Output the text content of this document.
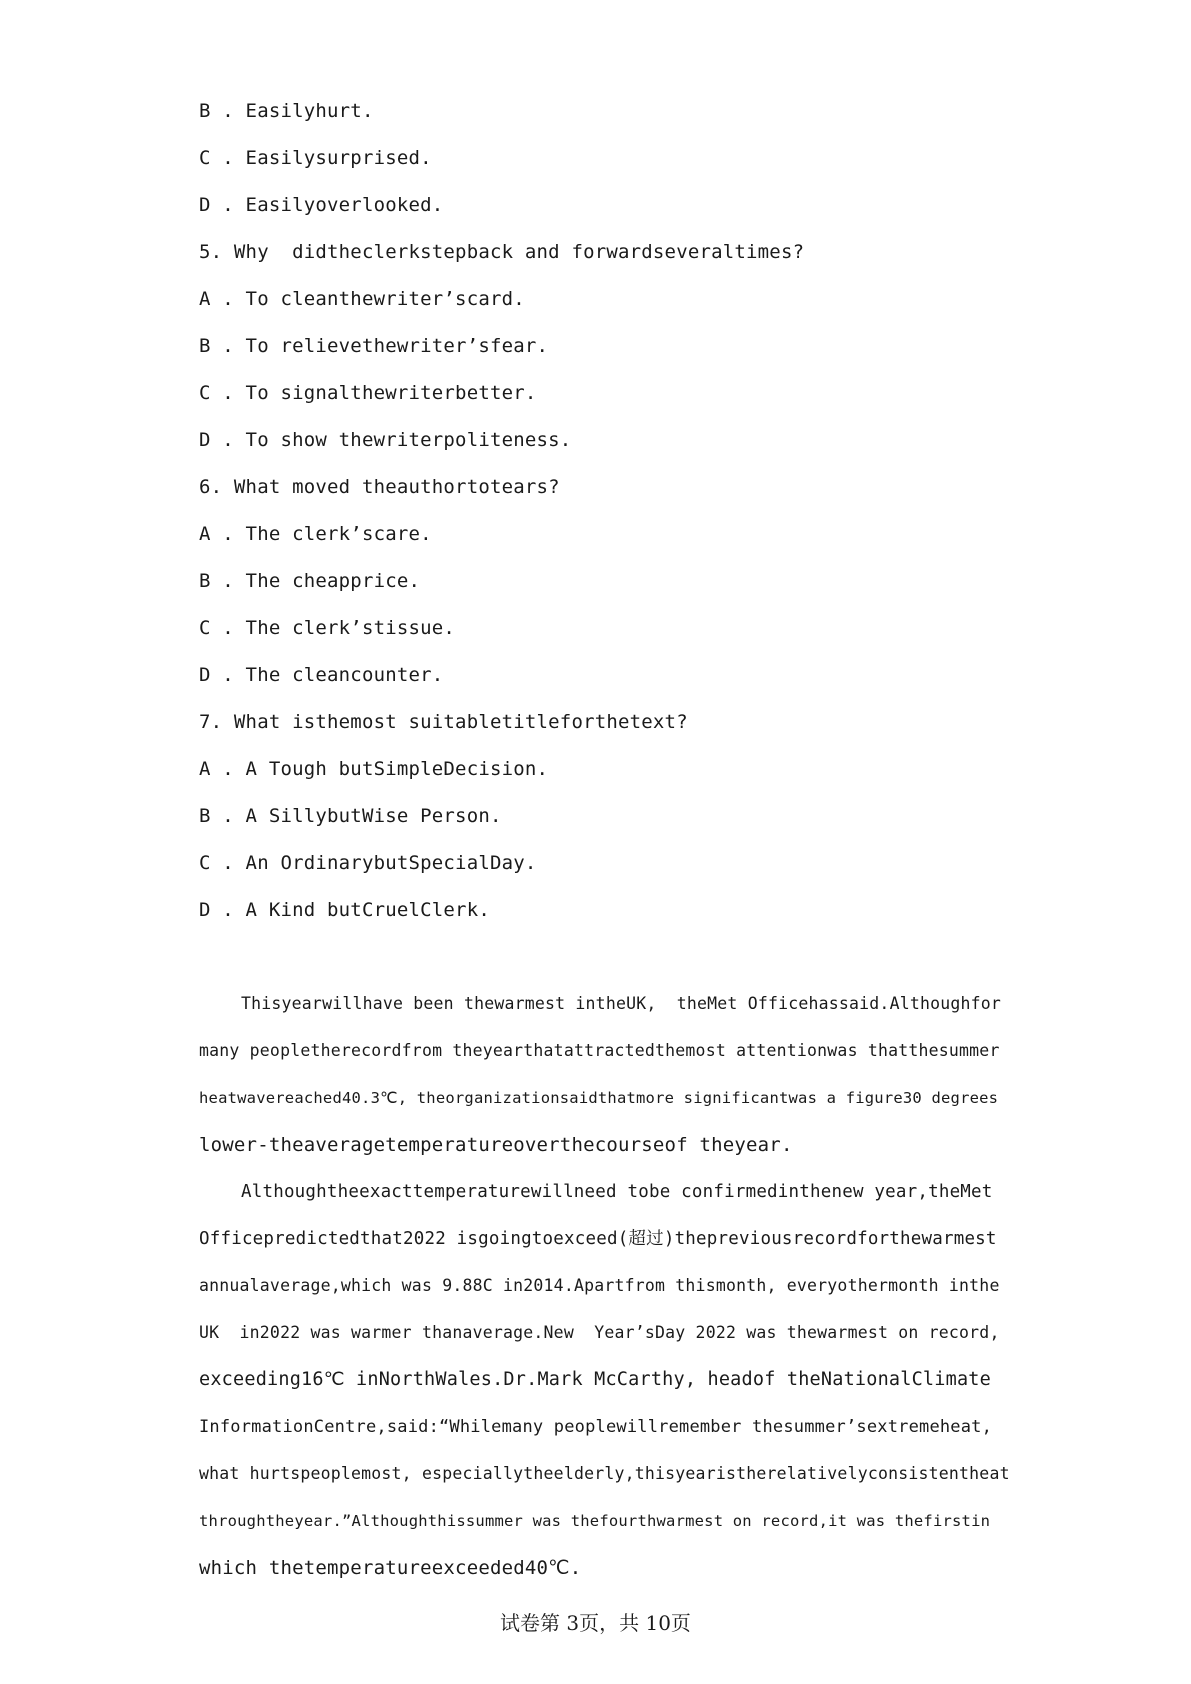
B . Easilyhurt.
C . Easilysurprised.
D . Easilyoverlooked.
5. Why  didtheclerkstepback and forwardseveraltimes?
A . To cleanthewriter’scard.
B . To relievethewriter’sfear.
C . To signalthewriterbetter.
D . To show thewriterpoliteness.
6. What moved theauthortotears?
A . The clerk’scare.
B . The cheapprice.
C . The clerk’stissue.
D . The cleancounter.
7. What isthemost suitabletitleforthetext?
A . A Tough butSimpleDecision.
B . A SillybutWise Person.
C . An OrdinarybutSpecialDay.
D . A Kind butCruelClerk.
Thisyearwillhave been thewarmest intheUK,  theMet Officehassaid.Althoughfor
many peopletherecordfrom theyearthatattractedthemost attentionwas thatthesummer
heatwavereached40.3℃, theorganizationsaidthatmore significantwas a figure30 degrees
lower-theaveragetemperatureoverthecourseof theyear.
Althoughtheexacttemperaturewillneed tobe confirmedinthenew year,theMet
Officepredictedthat2022 isgoingtoexceed(超过)thepreviousrecordforthewarmest
annualaverage,which was 9.88C in2014.Apartfrom thismonth, everyothermonth inthe
UK  in2022 was warmer thanaverage.New  Year’sDay 2022 was thewarmest on record,
exceeding16℃ inNorthWales.Dr.Mark McCarthy, headof theNationalClimate
InformationCentre,said:“Whilemany peoplewillremember thesummer’sextremeheat,
what hurtspeoplemost, especiallytheelderly,thisyearistherelativelyconsistentheat
throughtheyear.”Althoughthissummer was thefourthwarmest on record,it was thefirstin
which thetemperatureexceeded40℃.
试卷第 3页，共 10页
